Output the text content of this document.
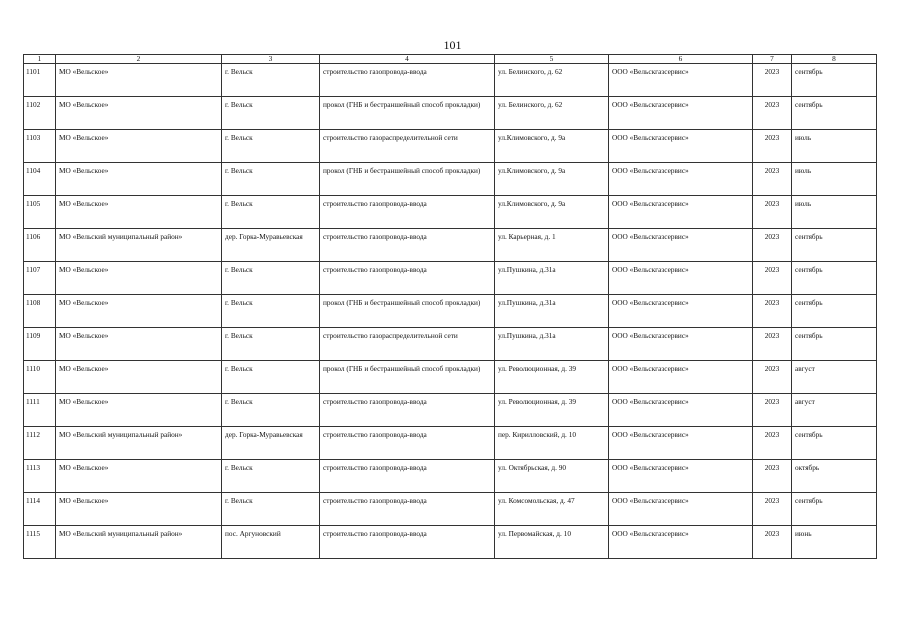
101
1	2	3	4	5	6	7	8
1101	МО «Вельское»	г. Вельск	строительство газопровода-ввода	ул. Белинского, д. 62	ООО «Вельскгазсервис»	2023	сентябрь
1102	МО «Вельское»	г. Вельск	прокол (ГНБ и бестраншейный способ прокладки)	ул. Белинского, д. 62	ООО «Вельскгазсервис»	2023	сентябрь
1103	МО «Вельское»	г. Вельск	строительство газораспределительной сети	ул.Климовского, д. 9а	ООО «Вельскгазсервис»	2023	июль
1104	МО «Вельское»	г. Вельск	прокол (ГНБ и бестраншейный способ прокладки)	ул.Климовского, д. 9а	ООО «Вельскгазсервис»	2023	июль
1105	МО «Вельское»	г. Вельск	строительство газопровода-ввода	ул.Климовского, д. 9а	ООО «Вельскгазсервис»	2023	июль
1106	МО «Вельский муниципальный район»	дер. Горка-Муравьевская	строительство газопровода-ввода	ул. Карьерная, д. 1	ООО «Вельскгазсервис»	2023	сентябрь
1107	МО «Вельское»	г. Вельск	строительство газопровода-ввода	ул.Пушкина, д.31а	ООО «Вельскгазсервис»	2023	сентябрь
1108	МО «Вельское»	г. Вельск	прокол (ГНБ и бестраншейный способ прокладки)	ул.Пушкина, д.31а	ООО «Вельскгазсервис»	2023	сентябрь
1109	МО «Вельское»	г. Вельск	строительство газораспределительной сети	ул.Пушкина, д.31а	ООО «Вельскгазсервис»	2023	сентябрь
1110	МО «Вельское»	г. Вельск	прокол (ГНБ и бестраншейный способ прокладки)	ул. Революционная, д. 39	ООО «Вельскгазсервис»	2023	август
1111	МО «Вельское»	г. Вельск	строительство газопровода-ввода	ул. Революционная, д. 39	ООО «Вельскгазсервис»	2023	август
1112	МО «Вельский муниципальный район»	дер. Горка-Муравьевская	строительство газопровода-ввода	пер. Кирилловский, д. 10	ООО «Вельскгазсервис»	2023	сентябрь
1113	МО «Вельское»	г. Вельск	строительство газопровода-ввода	ул. Октябрьская, д. 90	ООО «Вельскгазсервис»	2023	октябрь
1114	МО «Вельское»	г. Вельск	строительство газопровода-ввода	ул. Комсомольская, д. 47	ООО «Вельскгазсервис»	2023	сентябрь
1115	МО «Вельский муниципальный район»	пос. Аргуновский	строительство газопровода-ввода	ул. Первомайская, д. 10	ООО «Вельскгазсервис»	2023	июнь
